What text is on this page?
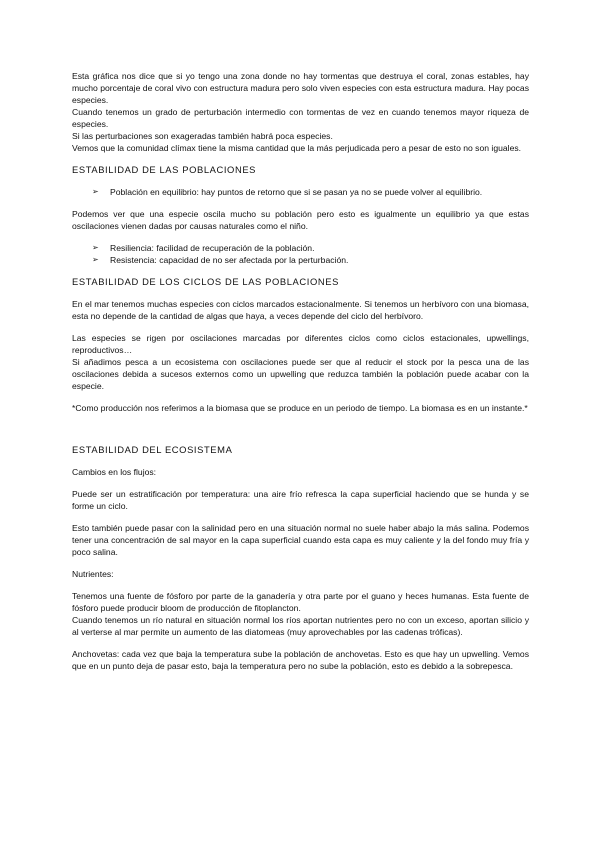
Esta gráfica nos dice que si yo tengo una zona donde no hay tormentas que destruya el coral, zonas estables, hay mucho porcentaje de coral vivo con estructura madura pero solo viven especies con esta estructura madura. Hay pocas especies.

Cuando tenemos un grado de perturbación intermedio con tormentas de vez en cuando tenemos mayor riqueza de especies.

Si las perturbaciones son exageradas también habrá poca especies.

Vemos que la comunidad clímax tiene la misma cantidad que la más perjudicada pero a pesar de esto no son iguales.

ESTABILIDAD DE LAS POBLACIONES
➢ Población en equilibrio: hay puntos de retorno que si se pasan ya no se puede volver al equilibrio.

Podemos ver que una especie oscila mucho su población pero esto es igualmente un equilibrio ya que estas oscilaciones vienen dadas por causas naturales como el niño.

➢ Resiliencia: facilidad de recuperación de la población.
➢ Resistencia: capacidad de no ser afectada por la perturbación.
ESTABILIDAD DE LOS CICLOS DE LAS POBLACIONES

En el mar tenemos muchas especies con ciclos marcados estacionalmente. Si tenemos un herbívoro con una biomasa, esta no depende de la cantidad de algas que haya, a veces depende del ciclo del herbívoro.

Las especies se rigen por oscilaciones marcadas por diferentes ciclos como ciclos estacionales, upwellings, reproductivos…

Si añadimos pesca a un ecosistema con oscilaciones puede ser que al reducir el stock por la pesca una de las oscilaciones debida a sucesos externos como un upwelling que reduzca también la población puede acabar con la especie.

*Como producción nos referimos a la biomasa que se produce en un periodo de tiempo. La biomasa es en un instante.*

ESTABILIDAD DEL ECOSISTEMA

Cambios en los flujos:

Puede ser un estratificación por temperatura: una aire frío refresca la capa superficial haciendo que se hunda y se forme un ciclo.

Esto también puede pasar con la salinidad pero en una situación normal no suele haber abajo la más salina. Podemos tener una concentración de sal mayor en la capa superficial cuando esta capa es muy caliente y la del fondo muy fría y poco salina.

Nutrientes:

Tenemos una fuente de fósforo por parte de la ganadería y otra parte por el guano y heces humanas. Esta fuente de fósforo puede producir bloom de producción de fitoplancton.

Cuando tenemos un río natural en situación normal los ríos aportan nutrientes pero no con un exceso, aportan silicio y al verterse al mar permite un aumento de las diatomeas (muy aprovechables por las cadenas tróficas).

Anchovetas: cada vez que baja la temperatura sube la población de anchovetas. Esto es que hay un upwelling. Vemos que en un punto deja de pasar esto, baja la temperatura pero no sube la población, esto es debido a la sobrepesca.
